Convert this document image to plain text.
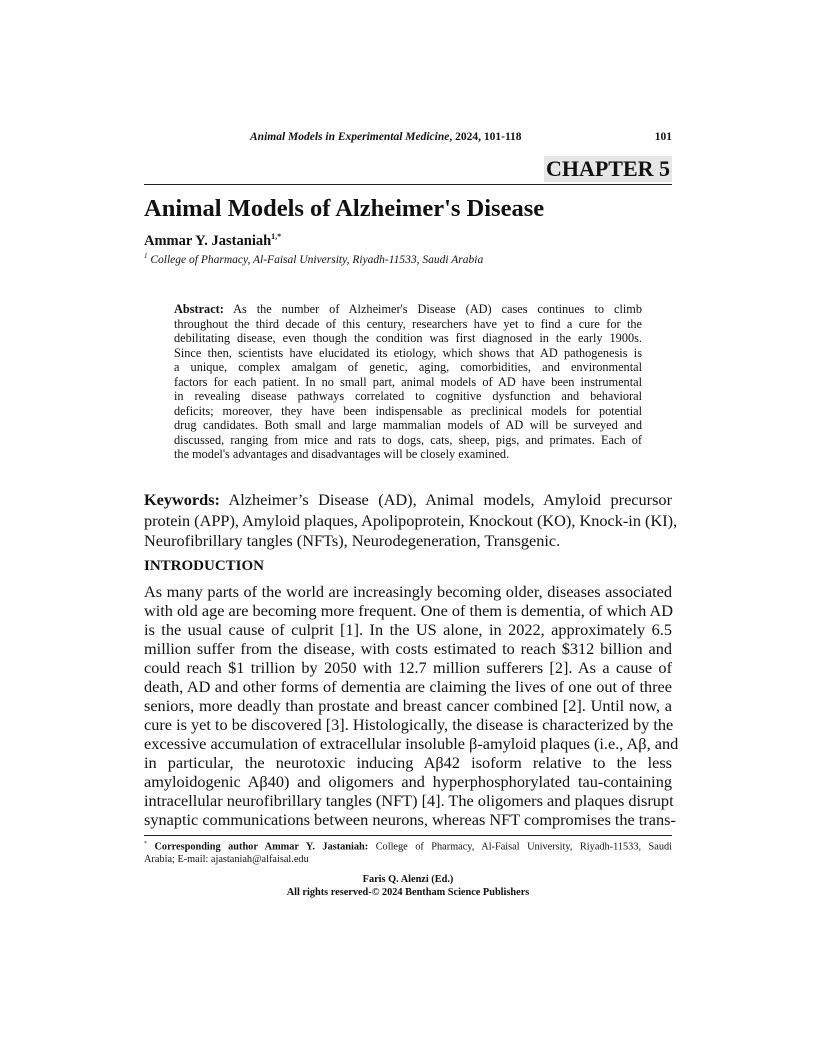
Animal Models in Experimental Medicine, 2024, 101-118	101
CHAPTER 5
Animal Models of Alzheimer's Disease
Ammar Y. Jastaniah$^{1,*}$
$^1$ College of Pharmacy, Al-Faisal University, Riyadh-11533, Saudi Arabia
Abstract: As the number of Alzheimer's Disease (AD) cases continues to climb
throughout the third decade of this century, researchers have yet to find a cure for the
debilitating disease, even though the condition was first diagnosed in the early 1900s.
Since then, scientists have elucidated its etiology, which shows that AD pathogenesis is
a unique, complex amalgam of genetic, aging, comorbidities, and environmental
factors for each patient. In no small part, animal models of AD have been instrumental
in revealing disease pathways correlated to cognitive dysfunction and behavioral
deficits; moreover, they have been indispensable as preclinical models for potential
drug candidates. Both small and large mammalian models of AD will be surveyed and
discussed, ranging from mice and rats to dogs, cats, sheep, pigs, and primates. Each of
the model's advantages and disadvantages will be closely examined.
Keywords: Alzheimer’s Disease (AD), Animal models, Amyloid precursor
protein (APP), Amyloid plaques, Apolipoprotein, Knockout (KO), Knock-in (KI),
Neurofibrillary tangles (NFTs), Neurodegeneration, Transgenic.
INTRODUCTION
As many parts of the world are increasingly becoming older, diseases associated
with old age are becoming more frequent. One of them is dementia, of which AD
is the usual cause of culprit [1]. In the US alone, in 2022, approximately 6.5
million suffer from the disease, with costs estimated to reach $312 billion and
could reach $1 trillion by 2050 with 12.7 million sufferers [2]. As a cause of
death, AD and other forms of dementia are claiming the lives of one out of three
seniors, more deadly than prostate and breast cancer combined [2]. Until now, a
cure is yet to be discovered [3]. Histologically, the disease is characterized by the
excessive accumulation of extracellular insoluble β-amyloid plaques (i.e., Aβ, and
in particular, the neurotoxic inducing Aβ42 isoform relative to the less
amyloidogenic Aβ40) and oligomers and hyperphosphorylated tau-containing
intracellular neurofibrillary tangles (NFT) [4]. The oligomers and plaques disrupt
synaptic communications between neurons, whereas NFT compromises the trans-
* Corresponding author Ammar Y. Jastaniah: College of Pharmacy, Al-Faisal University, Riyadh-11533, Saudi
Arabia; E-mail: ajastaniah@alfaisal.edu
Faris Q. Alenzi (Ed.)
All rights reserved-© 2024 Bentham Science Publishers
